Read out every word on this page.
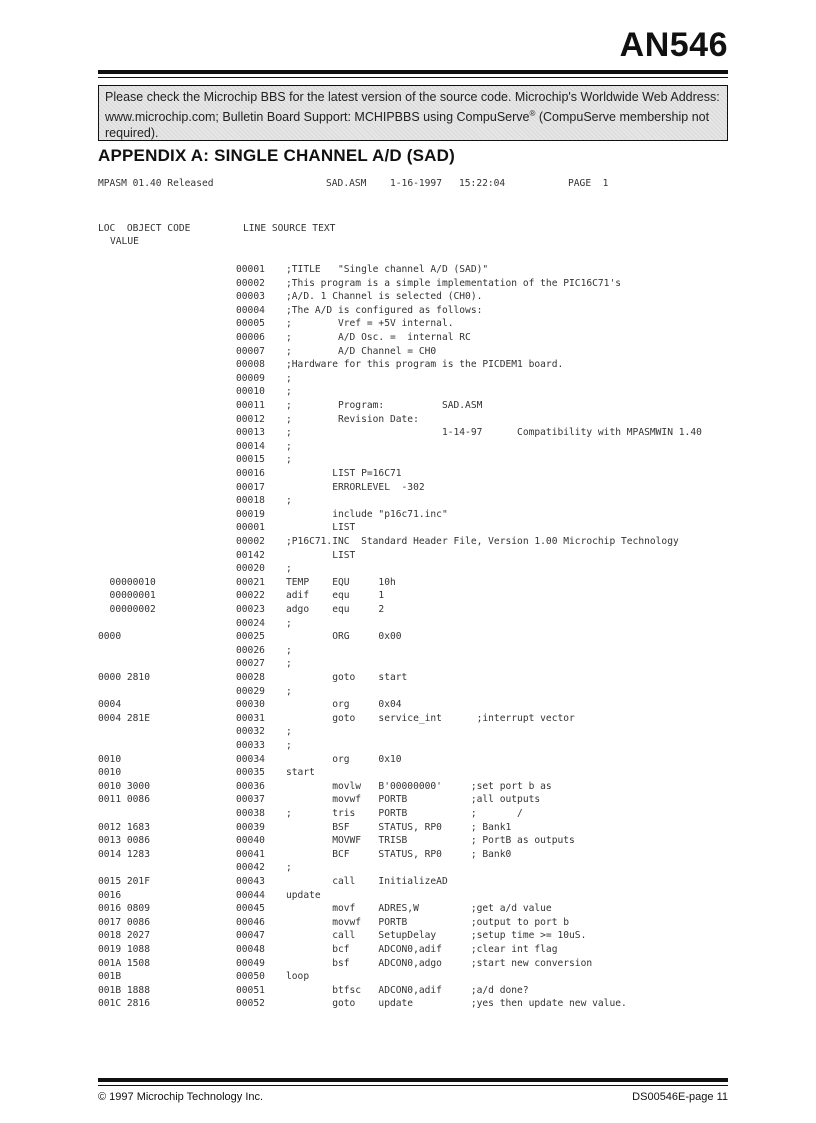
AN546
Please check the Microchip BBS for the latest version of the source code. Microchip's Worldwide Web Address: www.microchip.com; Bulletin Board Support: MCHIPBBS using CompuServe® (CompuServe membership not required).
APPENDIX A: SINGLE CHANNEL A/D (SAD)

MPASM 01.40 Released

	SAD.ASM

1-16-1997

15:22:04

	PAGE  1

LOC  OBJECT CODE

	LINE SOURCE TEXT

VALUE

00001 ;TITLE   "Single channel A/D (SAD)"
00002 ;This program is a simple implementation of the PIC16C71's
00003 ;A/D. 1 Channel is selected (CH0).
00004 ;The A/D is configured as follows:
00005 ;        Vref = +5V internal.
00006 ;        A/D Osc. =  internal RC
00007 ;        A/D Channel = CH0
00008 ;Hardware for this program is the PICDEM1 board.
00009 ;
00010 ;
00011 ;        Program:          SAD.ASM
00012 ;        Revision Date:
00013 ;                          1-14-97      Compatibility with MPASMWIN 1.40
00014 ;
00015 ;
00016 LIST P=16C71
00017 ERRORLEVEL  -302
00018 ;
00019 include "p16c71.inc"
00001 LIST
00002 ;P16C71.INC  Standard Header File, Version 1.00 Microchip Technology
00142 LIST
00020 ;
00000010	00021 TEMP    EQU     10h
00000001	00022 adif    equ     1
00000002	00023 adgo    equ     2
00024 ;
0000	00025 ORG     0x00
00026 ;
00027 ;
0000 2810	00028 goto    start
00029 ;
0004	00030 org     0x04
0004 281E	00031 goto    service_int      ;interrupt vector
00032 ;
00033 ;
0010	00034 org     0x10
0010	00035 start
0010 3000	00036 movlw   B'00000000'     ;set port b as
0011 0086	00037 movwf   PORTB           ;all outputs
00038 ;       tris    PORTB           ;       /
0012 1683	00039 BSF     STATUS, RP0     ; Bank1
0013 0086	00040 MOVWF   TRISB           ; PortB as outputs
0014 1283	00041 BCF     STATUS, RP0     ; Bank0
00042 ;
0015 201F	00043 call    InitializeAD
0016	00044 update
0016 0809	00045 movf    ADRES,W         ;get a/d value
0017 0086	00046 movwf   PORTB           ;output to port b
0018 2027	00047 call    SetupDelay      ;setup time >= 10uS.
0019 1088	00048 bcf     ADCON0,adif     ;clear int flag
001A 1508	00049 bsf     ADCON0,adgo     ;start new conversion
001B	00050 loop
001B 1888	00051 btfsc   ADCON0,adif     ;a/d done?
001C 2816	00052 goto    update          ;yes then update new value.
© 1997 Microchip Technology Inc.	DS00546E-page 11
